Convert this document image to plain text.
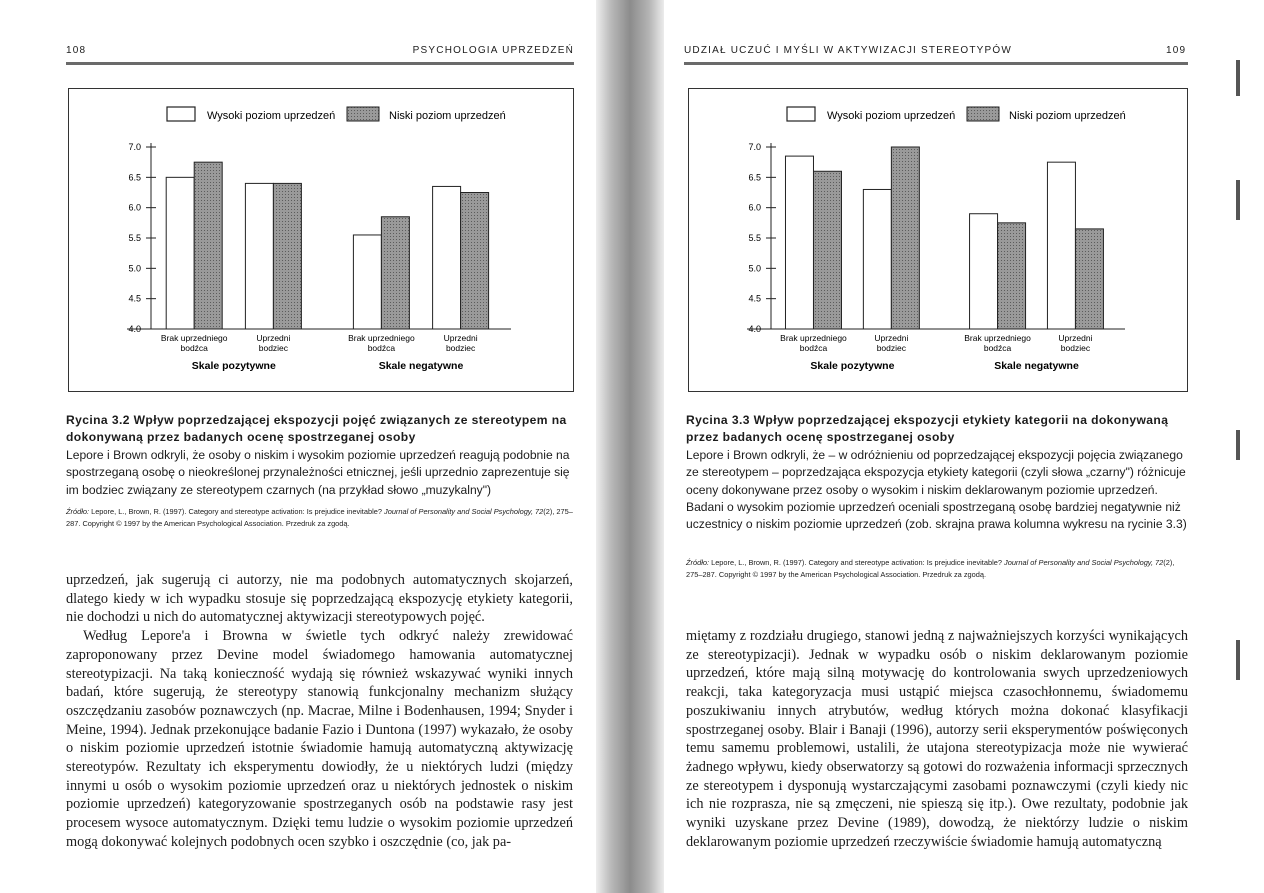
108	PSYCHOLOGIA UPRZEDZEŃ
Wysoki poziom uprzedzeń	Niski poziom uprzedzeń
4.0
4.5
5.0
5.5
6.0
6.5
7.0
Brak uprzedniego
bodźca
Uprzedni
bodziec
Brak uprzedniego
bodźca
Uprzedni
bodziec
Skale pozytywne	Skale negatywne
Rycina 3.2 Wpływ poprzedzającej ekspozycji pojęć związanych ze stereotypem na dokonywaną przez badanych ocenę spostrzeganej osoby
Lepore i Brown odkryli, że osoby o niskim i wysokim poziomie uprzedzeń reagują podobnie na spostrzeganą osobę o nieokreślonej przynależności etnicznej, jeśli uprzednio zaprezentuje się im bodziec związany ze stereotypem czarnych (na przykład słowo „muzykalny")
Źródło: Lepore, L., Brown, R. (1997). Category and stereotype activation: Is prejudice inevitable? Journal of Personality and Social Psychology, 72(2), 275–287. Copyright © 1997 by the American Psychological Association. Przedruk za zgodą.

uprzedzeń, jak sugerują ci autorzy, nie ma podobnych automatycznych skojarzeń, dlatego kiedy w ich wypadku stosuje się poprzedzającą ekspozycję etykiety kategorii, nie dochodzi u nich do automatycznej aktywizacji stereotypowych pojęć.

Według Lepore'a i Browna w świetle tych odkryć należy zrewidować zaproponowany przez Devine model świadomego hamowania automatycznej stereotypizacji. Na taką konieczność wydają się również wskazywać wyniki innych badań, które sugerują, że stereotypy stanowią funkcjonalny mechanizm służący oszczędzaniu zasobów poznawczych (np. Macrae, Milne i Bodenhausen, 1994; Snyder i Meine, 1994). Jednak przekonujące badanie Fazio i Duntona (1997) wykazało, że osoby o niskim poziomie uprzedzeń istotnie świadomie hamują automatyczną aktywizację stereotypów. Rezultaty ich eksperymentu dowiodły, że u niektórych ludzi (między innymi u osób o wysokim poziomie uprzedzeń oraz u niektórych jednostek o niskim poziomie uprzedzeń) kategoryzowanie spostrzeganych osób na podstawie rasy jest procesem wysoce automatycznym. Dzięki temu ludzie o wysokim poziomie uprzedzeń mogą dokonywać kolejnych podobnych ocen szybko i oszczędnie (co, jak pa-

UDZIAŁ UCZUĆ I MYŚLI W AKTYWIZACJI STEREOTYPÓW	109
Wysoki poziom uprzedzeń	Niski poziom uprzedzeń
4.0
4.5
5.0
5.5
6.0
6.5
7.0
Brak uprzedniego
bodźca
Uprzedni
bodziec
Brak uprzedniego
bodźca
Uprzedni
bodziec
Skale pozytywne	Skale negatywne
Rycina 3.3 Wpływ poprzedzającej ekspozycji etykiety kategorii na dokonywaną przez badanych ocenę spostrzeganej osoby
Lepore i Brown odkryli, że – w odróżnieniu od poprzedzającej ekspozycji pojęcia związanego ze stereotypem – poprzedzająca ekspozycja etykiety kategorii (czyli słowa „czarny") różnicuje oceny dokonywane przez osoby o wysokim i niskim deklarowanym poziomie uprzedzeń. Badani o wysokim poziomie uprzedzeń oceniali spostrzeganą osobę bardziej negatywnie niż uczestnicy o niskim poziomie uprzedzeń (zob. skrajna prawa kolumna wykresu na rycinie 3.3)
Źródło: Lepore, L., Brown, R. (1997). Category and stereotype activation: Is prejudice inevitable? Journal of Personality and Social Psychology, 72(2), 275–287. Copyright © 1997 by the American Psychological Association. Przedruk za zgodą.

miętamy z rozdziału drugiego, stanowi jedną z najważniejszych korzyści wynikających ze stereotypizacji). Jednak w wypadku osób o niskim deklarowanym poziomie uprzedzeń, które mają silną motywację do kontrolowania swych uprzedzeniowych reakcji, taka kategoryzacja musi ustąpić miejsca czasochłonnemu, świadomemu poszukiwaniu innych atrybutów, według których można dokonać klasyfikacji spostrzeganej osoby. Blair i Banaji (1996), autorzy serii eksperymentów poświęconych temu samemu problemowi, ustalili, że utajona stereotypizacja może nie wywierać żadnego wpływu, kiedy obserwatorzy są gotowi do rozważenia informacji sprzecznych ze stereotypem i dysponują wystarczającymi zasobami poznawczymi (czyli kiedy nic ich nie rozprasza, nie są zmęczeni, nie spieszą się itp.). Owe rezultaty, podobnie jak wyniki uzyskane przez Devine (1989), dowodzą, że niektórzy ludzie o niskim deklarowanym poziomie uprzedzeń rzeczywiście świadomie hamują automatyczną
